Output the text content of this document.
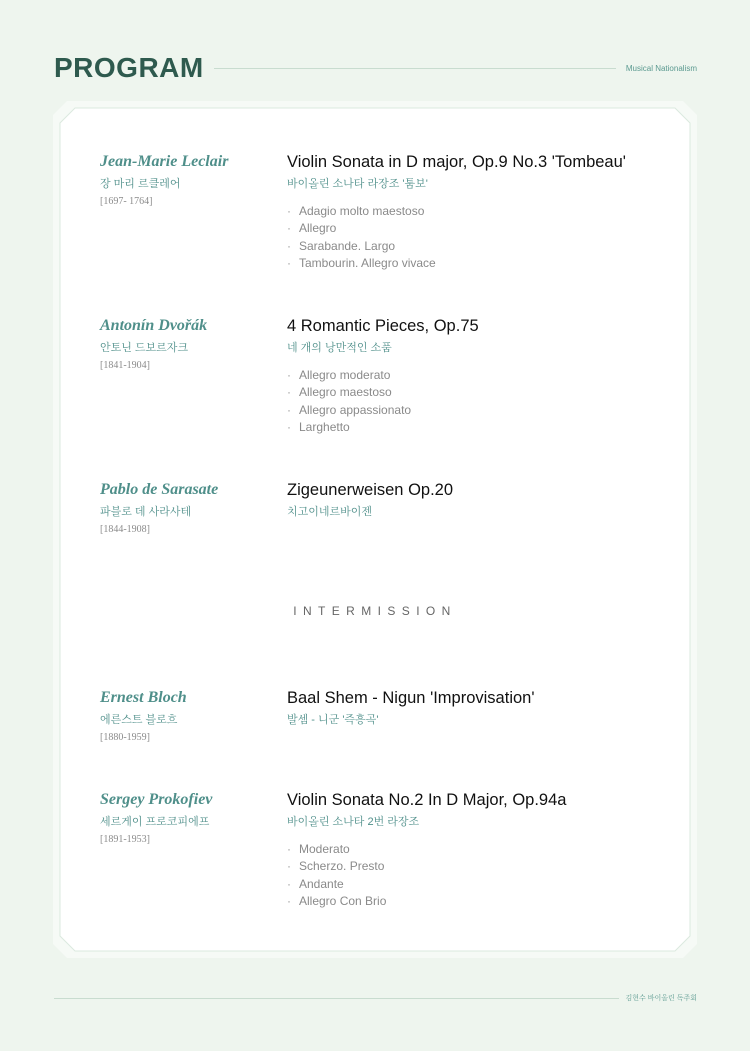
PROGRAM	Musical Nationalism
Jean-Marie Leclair
장 마리 르클레어
[1697- 1764]
Violin Sonata in D major, Op.9 No.3 'Tombeau'
바이올린 소나타 라장조 '툼보'
· Adagio molto maestoso
· Allegro
· Sarabande. Largo
· Tambourin. Allegro vivace
Antonín Dvořák
안토닌 드보르자크
[1841-1904]
4 Romantic Pieces, Op.75
네 개의 낭만적인 소품
· Allegro moderato
· Allegro maestoso
· Allegro appassionato
· Larghetto
Pablo de Sarasate
파블로 데 사라사테
[1844-1908]
Zigeunerweisen Op.20
치고이네르바이젠
INTERMISSION
Ernest Bloch
에른스트 블로흐
[1880-1959]
Baal Shem - Nigun 'Improvisation'
발셈 - 니군 '즉흥곡'
Sergey Prokofiev
세르게이 프로코피에프
[1891-1953]
Violin Sonata No.2 In D Major, Op.94a
바이올린 소나타 2번 라장조
· Moderato
· Scherzo. Presto
· Andante
· Allegro Con Brio
김현수 바이올린 독주회
